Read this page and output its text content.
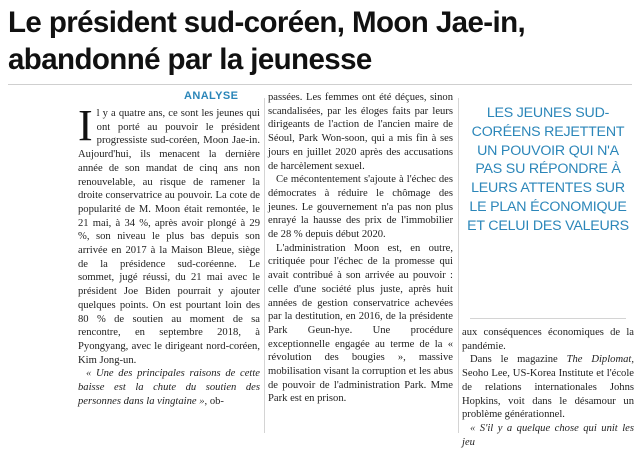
Le président sud-coréen, Moon Jae-in,
abandonné par la jeunesse
ANALYSE

Il y a quatre ans, ce sont les jeunes qui ont porté au pouvoir le président progressiste sud-coréen, Moon Jae-in. Aujourd'hui, ils menacent la dernière année de son mandat de cinq ans non renouvelable, au risque de ramener la droite conservatrice au pouvoir. La cote de popularité de M. Moon était remontée, le 21 mai, à 34 %, après avoir plongé à 29 %, son niveau le plus bas depuis son arrivée en 2017 à la Maison Bleue, siège de la présidence sud-coréenne. Le sommet, jugé réussi, du 21 mai avec le président Joe Biden pourrait y ajouter quelques points. On est pourtant loin des 80 % de soutien au moment de sa rencontre, en septembre 2018, à Pyongyang, avec le dirigeant nord-coréen, Kim Jong-un.

« Une des principales raisons de cette baisse est la chute du soutien des personnes dans la vingtaine », ob-

passées. Les femmes ont été déçues, sinon scandalisées, par les éloges faits par leurs dirigeants de l'action de l'ancien maire de Séoul, Park Won-soon, qui a mis fin à ses jours en juillet 2020 après des accusations de harcèlement sexuel.

Ce mécontentement s'ajoute à l'échec des démocrates à réduire le chômage des jeunes. Le gouvernement n'a pas non plus enrayé la hausse des prix de l'immobilier de 28 % depuis début 2020.

L'administration Moon est, en outre, critiquée pour l'échec de la promesse qui avait contribué à son arrivée au pouvoir : celle d'une société plus juste, après huit années de gestion conservatrice achevées par la destitution, en 2016, de la présidente Park Geun-hye. Une procédure exceptionnelle engagée au terme de la « révolution des bougies », massive mobilisation visant la corruption et les abus de pouvoir de l'administration Park. Mme Park est en prison.

LES JEUNES SUD-CORÉENS REJETTENT UN POUVOIR QUI N'A PAS SU RÉPONDRE À LEURS ATTENTES SUR LE PLAN ÉCONOMIQUE ET CELUI DES VALEURS

aux conséquences économiques de la pandémie.

Dans le magazine The Diplomat, Seoho Lee, US-Korea Institute et l'école de relations internationales Johns Hopkins, voit dans le désamour un problème générationnel.

« S'il y a quelque chose qui unit les jeu
